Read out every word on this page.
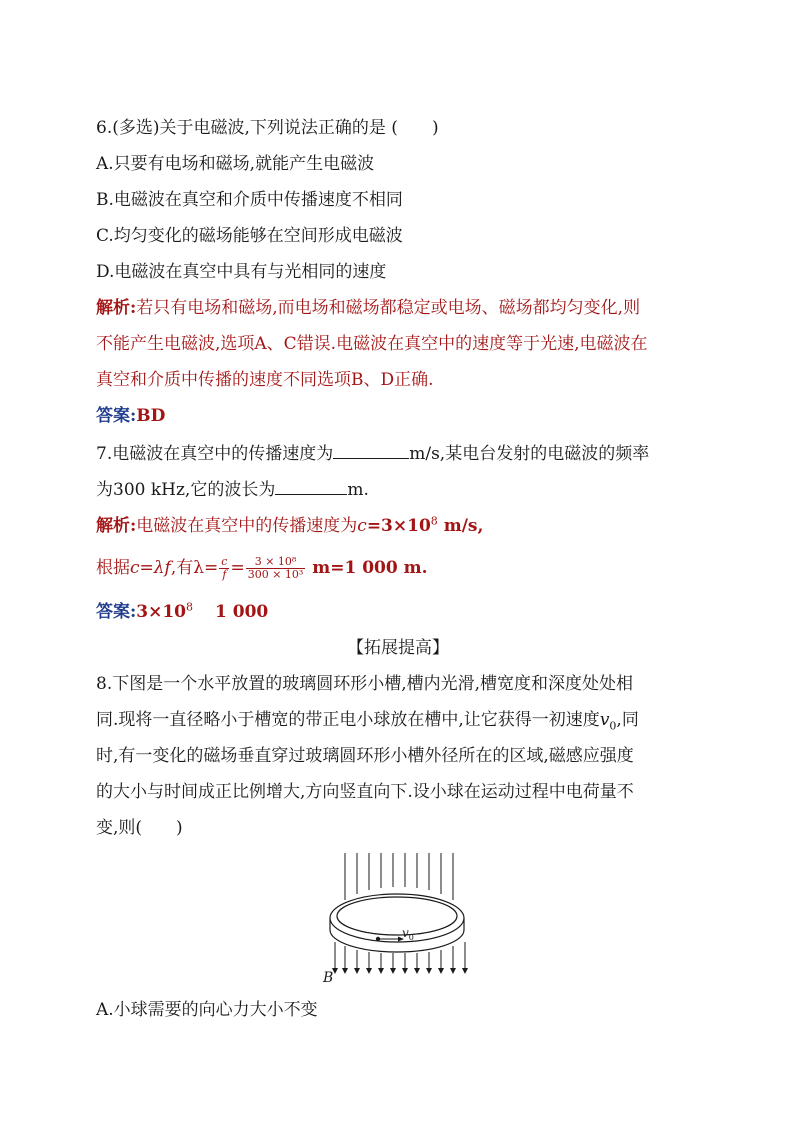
6.(多选)关于电磁波,下列说法正确的是 ( )
A.只要有电场和磁场,就能产生电磁波
B.电磁波在真空和介质中传播速度不相同
C.均匀变化的磁场能够在空间形成电磁波
D.电磁波在真空中具有与光相同的速度
解析:若只有电场和磁场,而电场和磁场都稳定或电场、磁场都均匀变化,则
不能产生电磁波,选项A、C错误.电磁波在真空中的速度等于光速,电磁波在
真空和介质中传播的速度不同选项B、D正确.
答案:BD
7.电磁波在真空中的传播速度为	m/s,某电台发射的电磁波的频率
为300 kHz,它的波长为	m.
解析:电磁波在真空中的传播速度为$c=3\times 10^8$ m/s,
根据c=λf,有$\lambda= \frac{c}{f} = \frac{\text{3 × 10⁸}}{\text{300 × 10³}} m=1$ 000 m.
答案$:3\times 10^8$ 1 000
【拓展提高】
8.下图是一个水平放置的玻璃圆环形小槽,槽内光滑,槽宽度和深度处处相
同.现将一直径略小于槽宽的带正电小球放在槽中,让它获得一初速度$v_0$,同
时,有一变化的磁场垂直穿过玻璃圆环形小槽外径所在的区域,磁感应强度
的大小与时间成正比例增大,方向竖直向下.设小球在运动过程中电荷量不
变,则( )
$v_0$
B
A.小球需要的向心力大小不变
